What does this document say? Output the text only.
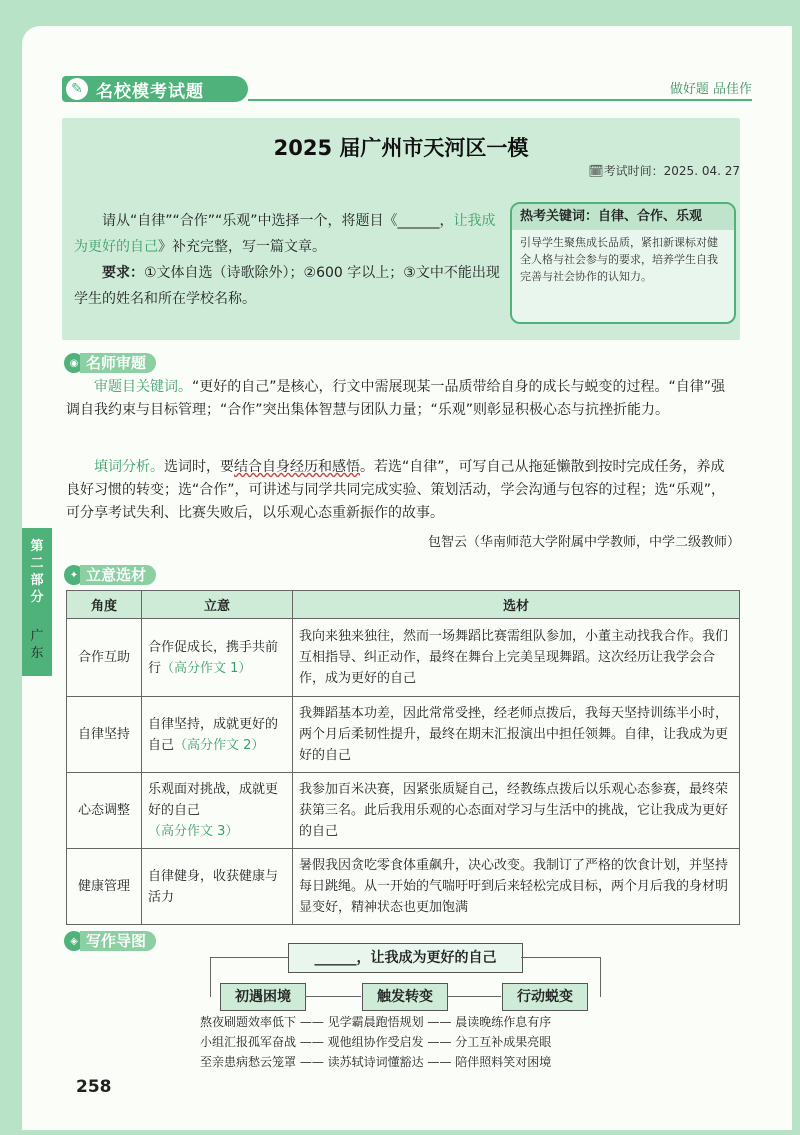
✎ 名校模考试题	做好题 品佳作
2025 届广州市天河区一模
🗓考试时间：2025. 04. 27
请从“自律”“合作”“乐观”中选择一个，将题目《______，让我成为更好的自己》补充完整，写一篇文章。
要求：①文体自选（诗歌除外）；②600 字以上；③文中不能出现学生的姓名和所在学校名称。
热考关键词：自律、合作、乐观
引导学生聚焦成长品质，紧扣新课标对健全人格与社会参与的要求，培养学生自我完善与社会协作的认知力。
◉ 名师审题
审题目关键词。“更好的自己”是核心，行文中需展现某一品质带给自身的成长与蜕变的过程。“自律”强调自我约束与目标管理；“合作”突出集体智慧与团队力量；“乐观”则彰显积极心态与抗挫折能力。
填词分析。选词时，要结合自身经历和感悟。若选“自律”，可写自己从拖延懒散到按时完成任务，养成良好习惯的转变；选“合作”，可讲述与同学共同完成实验、策划活动，学会沟通与包容的过程；选“乐观”，可分享考试失利、比赛失败后，以乐观心态重新振作的故事。
包智云（华南师范大学附属中学教师，中学二级教师）
第二部分
广东
✦ 立意选材
角度	立意	选材
合作互助	合作促成长，携手共前行（高分作文 1）	我向来独来独往，然而一场舞蹈比赛需组队参加，小董主动找我合作。我们互相指导、纠正动作，最终在舞台上完美呈现舞蹈。这次经历让我学会合作，成为更好的自己
自律坚持	自律坚持，成就更好的自己（高分作文 2）	我舞蹈基本功差，因此常常受挫，经老师点拨后，我每天坚持训练半小时，两个月后柔韧性提升，最终在期末汇报演出中担任领舞。自律，让我成为更好的自己
心态调整	乐观面对挑战，成就更好的自己（高分作文 3）	我参加百米决赛，因紧张质疑自己，经教练点拨后以乐观心态参赛，最终荣获第三名。此后我用乐观的心态面对学习与生活中的挑战，它让我成为更好的自己
健康管理	自律健身，收获健康与活力	暑假我因贪吃零食体重飙升，决心改变。我制订了严格的饮食计划，并坚持每日跳绳。从一开始的气喘吁吁到后来轻松完成目标，两个月后我的身材明显变好，精神状态也更加饱满
◈ 写作导图
______，让我成为更好的自己
初遇困境	触发转变	行动蜕变
熬夜刷题效率低下 —— 见学霸晨跑悟规划 —— 晨读晚练作息有序
小组汇报孤军奋战 —— 观他组协作受启发 —— 分工互补成果亮眼
至亲患病愁云笼罩 —— 读苏轼诗词懂豁达 —— 陪伴照料笑对困境
258
